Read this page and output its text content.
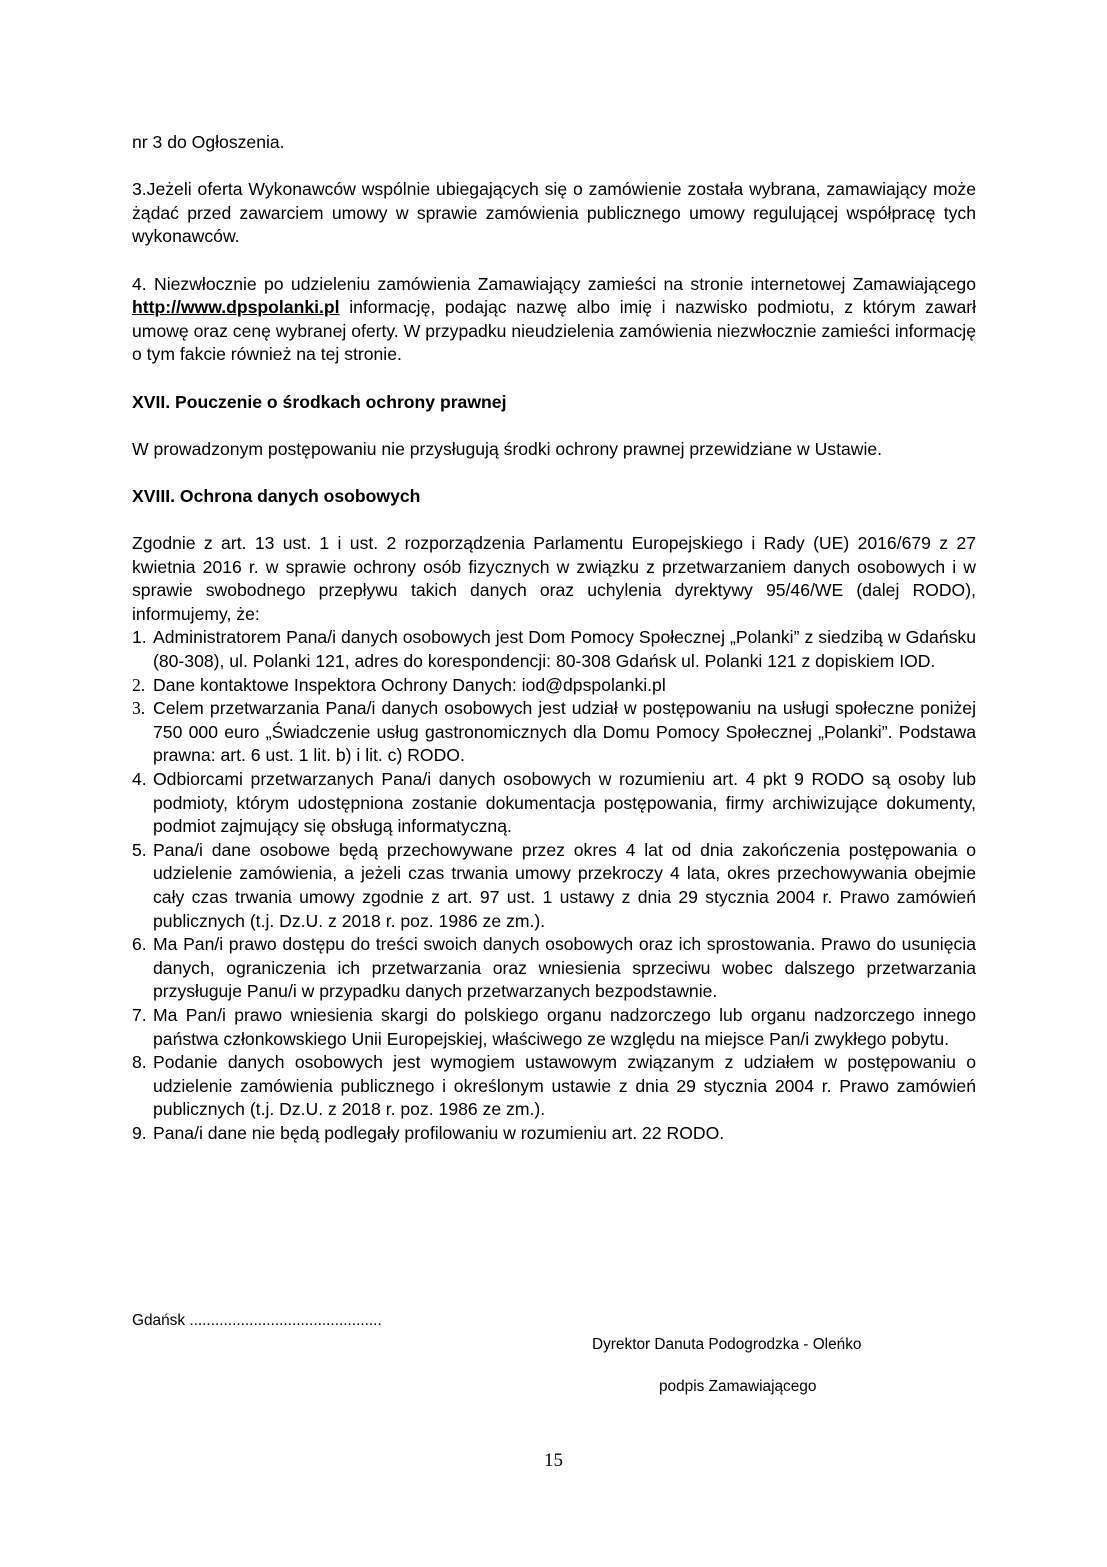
nr 3 do Ogłoszenia.

3.Jeżeli oferta Wykonawców wspólnie ubiegających się o zamówienie została wybrana, zamawiający może żądać przed zawarciem umowy w sprawie zamówienia publicznego umowy regulującej współpracę tych wykonawców.

4. Niezwłocznie po udzieleniu zamówienia Zamawiający zamieści na stronie internetowej Zamawiającego http://www.dpspolanki.pl informację, podając nazwę albo imię i nazwisko podmiotu, z którym zawarł umowę oraz cenę wybranej oferty. W przypadku nieudzielenia zamówienia niezwłocznie zamieści informację o tym fakcie również na tej stronie.

XVII. Pouczenie o środkach ochrony prawnej

W prowadzonym postępowaniu nie przysługują środki ochrony prawnej przewidziane w Ustawie.

XVIII. Ochrona danych osobowych

Zgodnie z art. 13 ust. 1 i ust. 2 rozporządzenia Parlamentu Europejskiego i Rady (UE) 2016/679 z 27 kwietnia 2016 r. w sprawie ochrony osób fizycznych w związku z przetwarzaniem danych osobowych i w sprawie swobodnego przepływu takich danych oraz uchylenia dyrektywy 95/46/WE (dalej RODO), informujemy, że:

1. Administratorem Pana/i danych osobowych jest Dom Pomocy Społecznej „Polanki” z siedzibą w Gdańsku (80-308), ul. Polanki 121, adres do korespondencji: 80-308 Gdańsk ul. Polanki 121 z dopiskiem IOD.
2. Dane kontaktowe Inspektora Ochrony Danych: iod@dpspolanki.pl
3. Celem przetwarzania Pana/i danych osobowych jest udział w postępowaniu na usługi społeczne poniżej 750 000 euro „Świadczenie usług gastronomicznych dla Domu Pomocy Społecznej „Polanki”. Podstawa prawna: art. 6 ust. 1 lit. b) i lit. c) RODO.
4. Odbiorcami przetwarzanych Pana/i danych osobowych w rozumieniu art. 4 pkt 9 RODO są osoby lub podmioty, którym udostępniona zostanie dokumentacja postępowania, firmy archiwizujące dokumenty, podmiot zajmujący się obsługą informatyczną.
5. Pana/i dane osobowe będą przechowywane przez okres 4 lat od dnia zakończenia postępowania o udzielenie zamówienia, a jeżeli czas trwania umowy przekroczy 4 lata, okres przechowywania obejmie cały czas trwania umowy zgodnie z art. 97 ust. 1 ustawy z dnia 29 stycznia 2004 r. Prawo zamówień publicznych (t.j. Dz.U. z 2018 r. poz. 1986 ze zm.).
6. Ma Pan/i prawo dostępu do treści swoich danych osobowych oraz ich sprostowania. Prawo do usunięcia danych, ograniczenia ich przetwarzania oraz wniesienia sprzeciwu wobec dalszego przetwarzania przysługuje Panu/i w przypadku danych przetwarzanych bezpodstawnie.
7. Ma Pan/i prawo wniesienia skargi do polskiego organu nadzorczego lub organu nadzorczego innego państwa członkowskiego Unii Europejskiej, właściwego ze względu na miejsce Pan/i zwykłego pobytu.
8. Podanie danych osobowych jest wymogiem ustawowym związanym z udziałem w postępowaniu o udzielenie zamówienia publicznego i określonym ustawie z dnia 29 stycznia 2004 r. Prawo zamówień publicznych (t.j. Dz.U. z 2018 r. poz. 1986 ze zm.).
9. Pana/i dane nie będą podlegały profilowaniu w rozumieniu art. 22 RODO.
Gdańsk .............................................
Dyrektor Danuta Podogrodzka - Oleńko
podpis Zamawiającego
15
